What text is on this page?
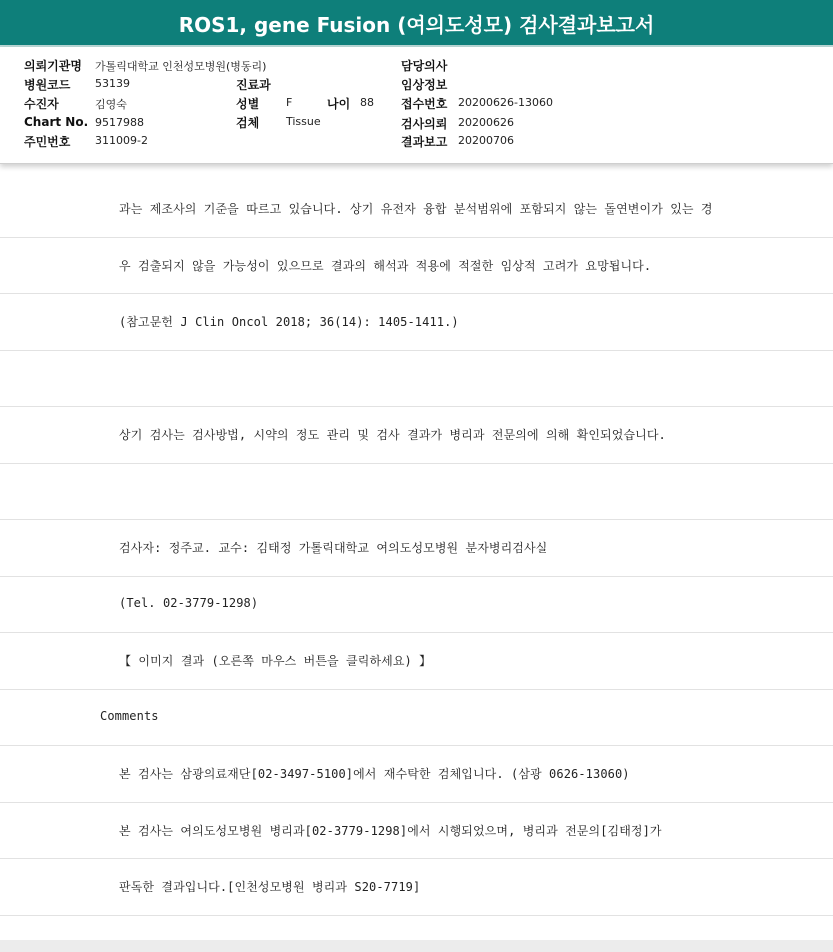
ROS1, gene Fusion (여의도성모) 검사결과보고서
의뢰기관명 가톨릭대학교 인천성모병원(병동리)
병원코드 53139
수진자	김영숙
Chart No. 9517988
주민번호 311009-2
진료과
성별 F	나이 88
검체 Tissue
담당의사
임상정보
접수번호 20200626-13060
검사의뢰 20200626
결과보고 20200706
과는 제조사의 기준을 따르고 있습니다. 상기 유전자 융합 분석범위에 포함되지 않는 돌연변이가 있는 경
우 검출되지 않을 가능성이 있으므로 결과의 해석과 적용에 적절한 임상적 고려가 요망됩니다.
(참고문헌 J Clin Oncol 2018; 36(14): 1405-1411.)
상기 검사는 검사방법, 시약의 정도 관리 및 검사 결과가 병리과 전문의에 의해 확인되었습니다.
검사자: 정주교. 교수: 김태정 가톨릭대학교 여의도성모병원 분자병리검사실
(Tel. 02-3779-1298)
【 이미지 결과 (오른쪽 마우스 버튼을 클릭하세요) 】
Comments
본 검사는 삼광의료재단[02-3497-5100]에서 재수탁한 검체입니다. (삼광 0626-13060)
본 검사는 여의도성모병원 병리과[02-3779-1298]에서 시행되었으며, 병리과 전문의[김태정]가
판독한 결과입니다.[인천성모병원 병리과 S20-7719]
